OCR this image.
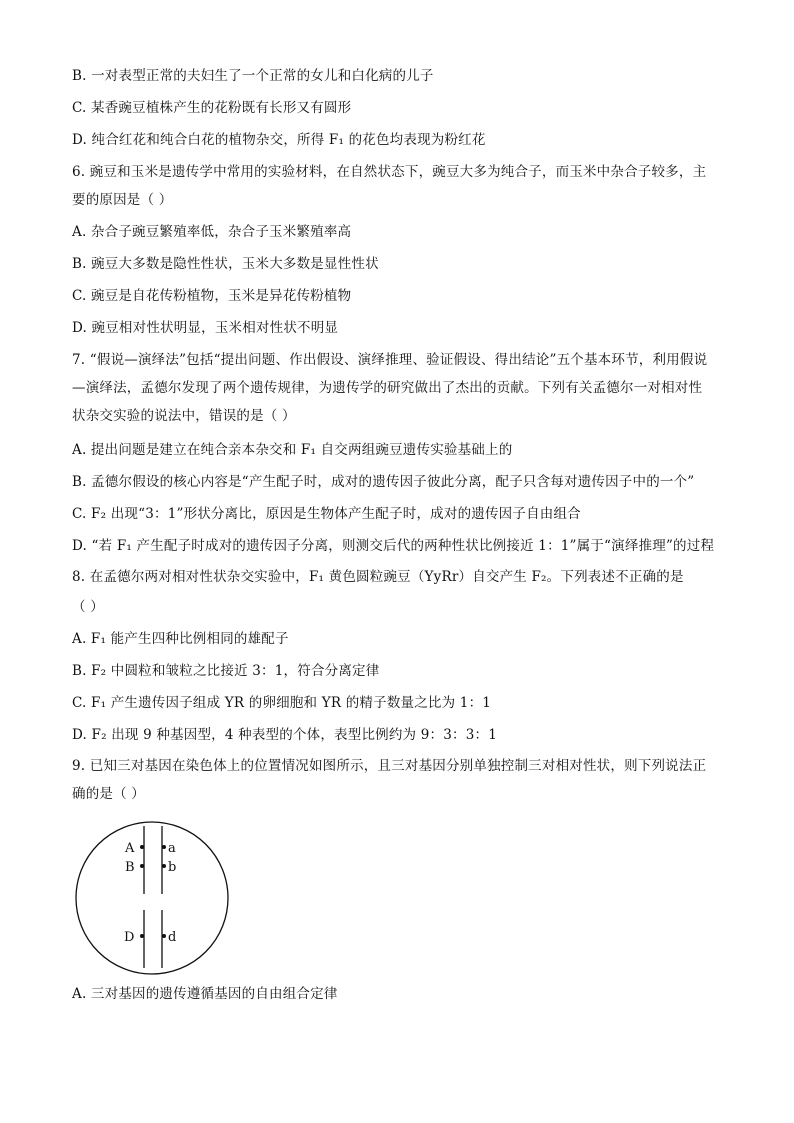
B. 一对表型正常的夫妇生了一个正常的女儿和白化病的儿子
C. 某香豌豆植株产生的花粉既有长形又有圆形
D. 纯合红花和纯合白花的植物杂交，所得 F₁ 的花色均表现为粉红花
6. 豌豆和玉米是遗传学中常用的实验材料，在自然状态下，豌豆大多为纯合子，而玉米中杂合子较多，主
要的原因是（ ）
A. 杂合子豌豆繁殖率低，杂合子玉米繁殖率高
B. 豌豆大多数是隐性性状，玉米大多数是显性性状
C. 豌豆是自花传粉植物，玉米是异花传粉植物
D. 豌豆相对性状明显，玉米相对性状不明显
7. “假说—演绎法”包括“提出问题、作出假设、演绎推理、验证假设、得出结论”五个基本环节，利用假说
—演绎法，孟德尔发现了两个遗传规律，为遗传学的研究做出了杰出的贡献。下列有关孟德尔一对相对性
状杂交实验的说法中，错误的是（ ）
A. 提出问题是建立在纯合亲本杂交和 F₁ 自交两组豌豆遗传实验基础上的
B. 孟德尔假设的核心内容是“产生配子时，成对的遗传因子彼此分离，配子只含每对遗传因子中的一个”
C. F₂ 出现“3：1”形状分离比，原因是生物体产生配子时，成对的遗传因子自由组合
D. “若 F₁ 产生配子时成对的遗传因子分离，则测交后代的两种性状比例接近 1：1”属于“演绎推理”的过程
8. 在孟德尔两对相对性状杂交实验中，F₁ 黄色圆粒豌豆（YyRr）自交产生 F₂。下列表述不正确的是
（ ）
A. F₁ 能产生四种比例相同的雄配子
B. F₂ 中圆粒和皱粒之比接近 3：1，符合分离定律
C. F₁ 产生遗传因子组成 YR 的卵细胞和 YR 的精子数量之比为 1：1
D. F₂ 出现 9 种基因型，4 种表型的个体，表型比例约为 9：3：3：1
9. 已知三对基因在染色体上的位置情况如图所示，且三对基因分别单独控制三对相对性状，则下列说法正
确的是（ ）
A	a
B	b
D	d
A. 三对基因的遗传遵循基因的自由组合定律
